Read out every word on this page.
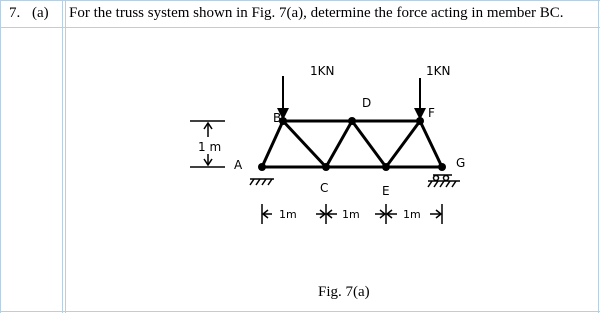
7. (a) For the truss system shown in Fig. 7(a), determine the force acting in member BC.
1KN	1KN
B
D
F
A
C	E
G
1 m
1m	1m	1m
Fig. 7(a)
